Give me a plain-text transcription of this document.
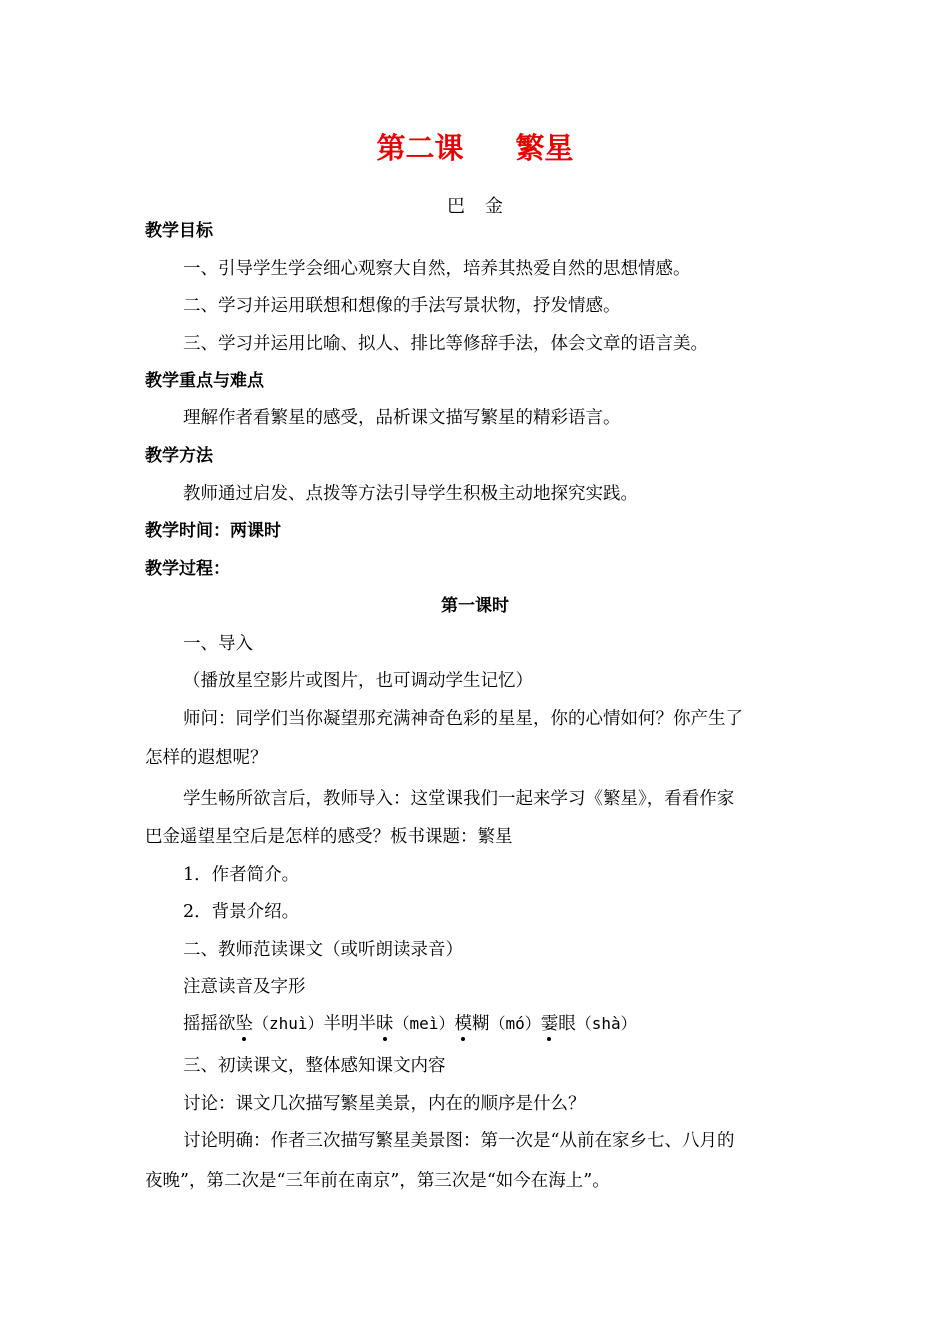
第二课 繁星
巴金
教学目标
一、引导学生学会细心观察大自然，培养其热爱自然的思想情感。
二、学习并运用联想和想像的手法写景状物，抒发情感。
三、学习并运用比喻、拟人、排比等修辞手法，体会文章的语言美。
教学重点与难点
理解作者看繁星的感受，品析课文描写繁星的精彩语言。
教学方法
教师通过启发、点拨等方法引导学生积极主动地探究实践。
教学时间：两课时
教学过程：
第一课时
一、导入
（播放星空影片或图片，也可调动学生记忆）
师问：同学们当你凝望那充满神奇色彩的星星，你的心情如何？你产生了
怎样的遐想呢？
学生畅所欲言后，教师导入：这堂课我们一起来学习《繁星》，看看作家
巴金遥望星空后是怎样的感受？板书课题：繁星
1．作者简介。
2．背景介绍。
二、教师范读课文（或听朗读录音）
注意读音及字形
摇摇欲坠（zhuì）半明半昧（meì）模糊（mó）霎眼（shà）
三、初读课文，整体感知课文内容
讨论：课文几次描写繁星美景，内在的顺序是什么？
讨论明确：作者三次描写繁星美景图：第一次是“从前在家乡七、八月的
夜晚”，第二次是“三年前在南京”，第三次是“如今在海上”。
